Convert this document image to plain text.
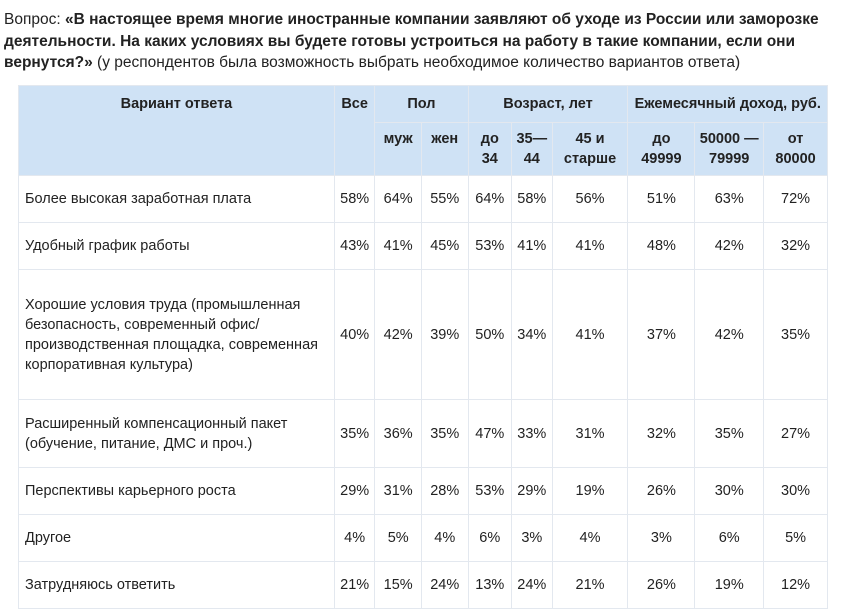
Вопрос: «В настоящее время многие иностранные компании заявляют об уходе из России или заморозке деятельности. На каких условиях вы будете готовы устроиться на работу в такие компании, если они вернутся?» (у респондентов была возможность выбрать необходимое количество вариантов ответа)
Вариант ответа	Все	Пол		Возраст, лет			Ежемесячный доход, руб.		
		муж	жен	до 34	35—44	45 и старше	до 49999	50000 — 79999	от 80000
Более высокая заработная плата	58%	64%	55%	64%	58%	56%	51%	63%	72%
Удобный график работы	43%	41%	45%	53%	41%	41%	48%	42%	32%
Хорошие условия труда (промышленная безопасность, современный офис/производственная площадка, современная корпоративная культура)	40%	42%	39%	50%	34%	41%	37%	42%	35%
Расширенный компенсационный пакет (обучение, питание, ДМС и проч.)	35%	36%	35%	47%	33%	31%	32%	35%	27%
Перспективы карьерного роста	29%	31%	28%	53%	29%	19%	26%	30%	30%
Другое	4%	5%	4%	6%	3%	4%	3%	6%	5%
Затрудняюсь ответить	21%	15%	24%	13%	24%	21%	26%	19%	12%
